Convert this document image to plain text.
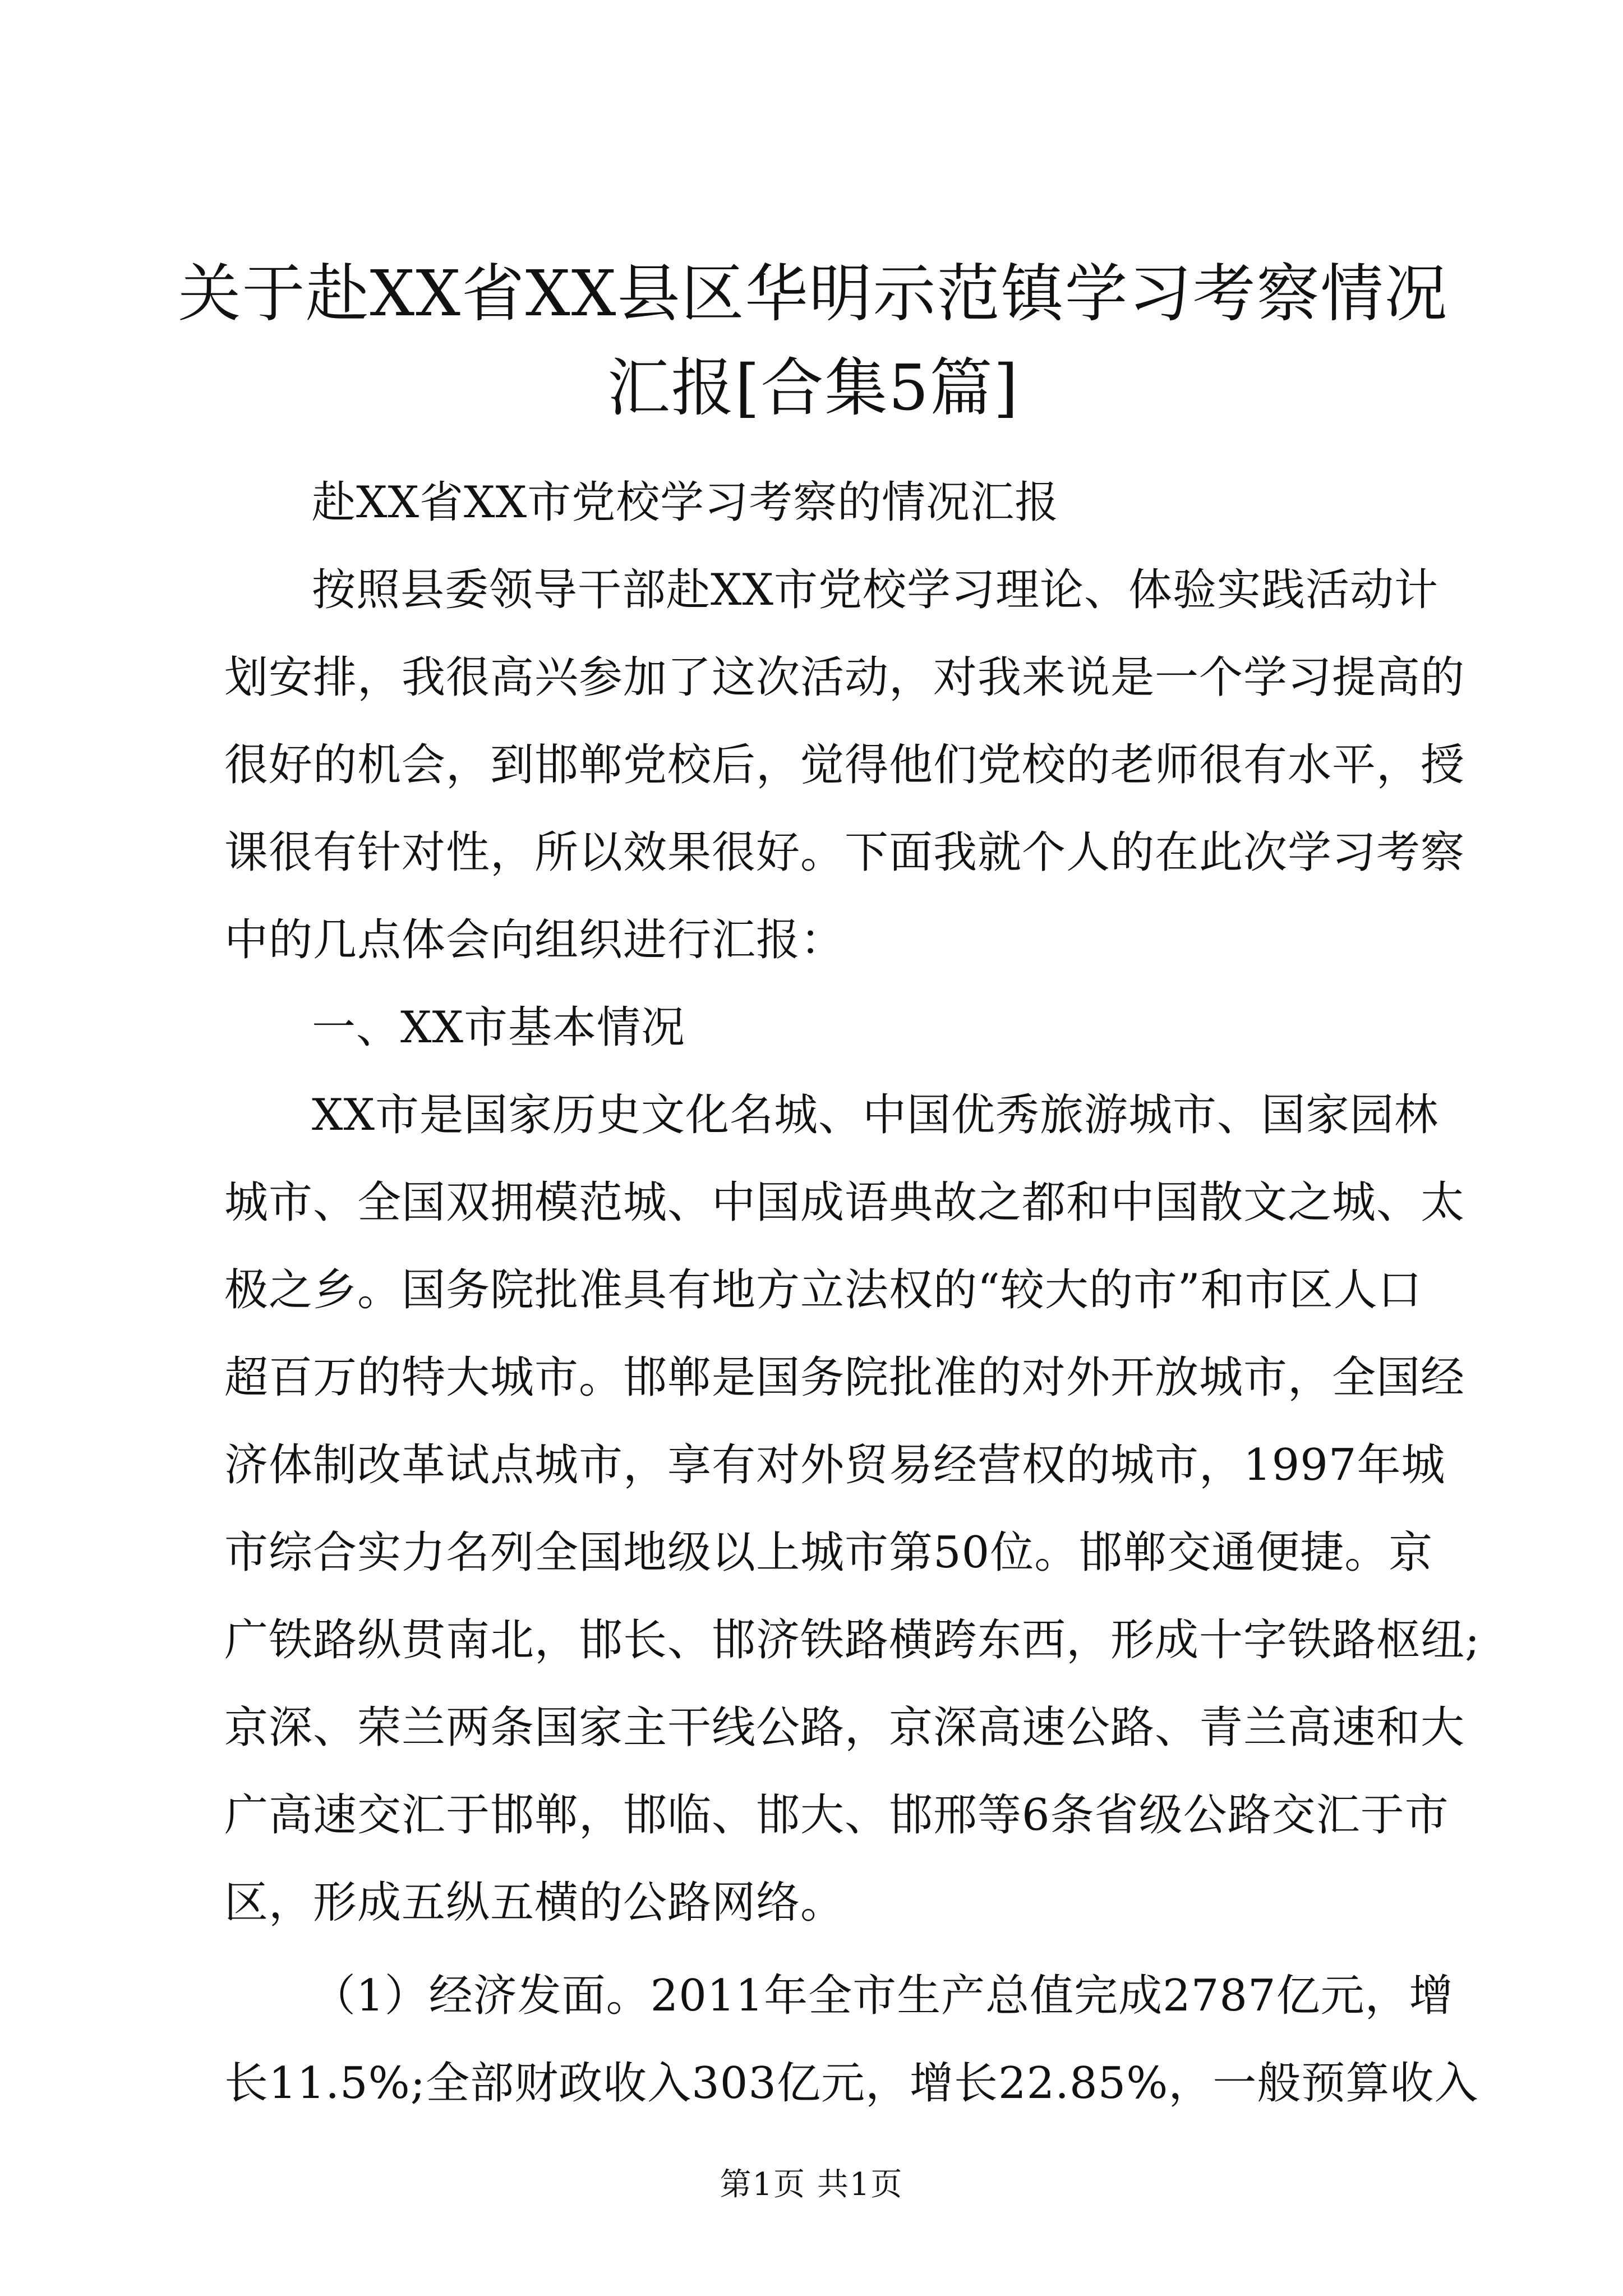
关于赴XX省XX县区华明示范镇学习考察情况
汇报[合集5篇]
赴XX省XX市党校学习考察的情况汇报
按照县委领导干部赴XX市党校学习理论、体验实践活动计
划安排，我很高兴参加了这次活动，对我来说是一个学习提高的
很好的机会，到邯郸党校后，觉得他们党校的老师很有水平，授
课很有针对性，所以效果很好。下面我就个人的在此次学习考察
中的几点体会向组织进行汇报：
一、XX市基本情况
XX市是国家历史文化名城、中国优秀旅游城市、国家园林
城市、全国双拥模范城、中国成语典故之都和中国散文之城、太
极之乡。国务院批准具有地方立法权的“较大的市”和市区人口
超百万的特大城市。邯郸是国务院批准的对外开放城市，全国经
济体制改革试点城市，享有对外贸易经营权的城市，1997年城
市综合实力名列全国地级以上城市第50位。邯郸交通便捷。京
广铁路纵贯南北，邯长、邯济铁路横跨东西，形成十字铁路枢纽;
京深、荣兰两条国家主干线公路，京深高速公路、青兰高速和大
广高速交汇于邯郸，邯临、邯大、邯邢等6条省级公路交汇于市
区，形成五纵五横的公路网络。
（1）经济发面。2011年全市生产总值完成2787亿元，增
长11.5%;全部财政收入303亿元，增长22.85%，一般预算收入
第1页 共1页
